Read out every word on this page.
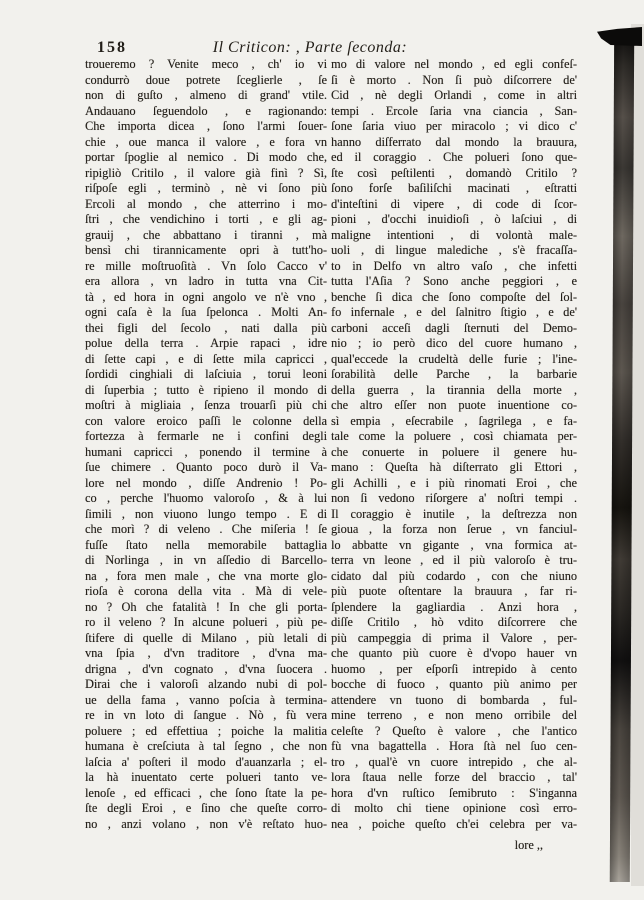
158	Il Criticon: , Parte ſeconda:
troueremo ? Venite meco , ch' io vi
condurrò doue potrete ſceglierle , ſe
non di guſto , almeno di grand' vtile.
Andauano ſeguendolo , e ragionando:
Che importa dicea , ſono l'armi ſouer-
chie , oue manca il valore , e fora vn
portar ſpoglie al nemico . Di modo che,
ripigliò Critilo , il valore già finì ? Sì,
riſpoſe egli , terminò , nè vi ſono più
Ercoli al mondo , che atterrino i mo-
ſtri , che vendichino i torti , e gli ag-
grauij , che abbattano i tiranni , mà
bensì chi tirannicamente opri à tutt'ho-
re mille moſtruoſità . Vn ſolo Cacco v'
era allora , vn ladro in tutta vna Cit-
tà , ed hora in ogni angolo ve n'è vno ,
ogni caſa è la ſua ſpelonca . Molti An-
thei figli del ſecolo , nati dalla più
polue della terra . Arpie rapaci , idre
di ſette capi , e di ſette mila capricci ,
ſordidi cinghiali di laſciuia , torui leoni
di ſuperbia ; tutto è ripieno il mondo di
moſtri à migliaia , ſenza trouarſi più chi
con valore eroico paſſi le colonne della
fortezza à fermarle ne i confini degli
humani capricci , ponendo il termine à
ſue chimere . Quanto poco durò il Va-
lore nel mondo , diſſe Andrenio ! Po-
co , perche l'huomo valoroſo , & à lui
ſimili , non viuono lungo tempo . E di
che morì ? di veleno . Che miſeria ! ſe
fuſſe ſtato nella memorabile battaglia
di Norlinga , in vn aſſedio di Barcello-
na , fora men male , che vna morte glo-
rioſa è corona della vita . Mà di vele-
no ? Oh che fatalità ! In che gli porta-
ro il veleno ? In alcune polueri , più pe-
ſtifere di quelle di Milano , più letali di
vna ſpia , d'vn traditore , d'vna ma-
drigna , d'vn cognato , d'vna ſuocera .
Dirai che i valoroſi alzando nubi di pol-
ue della fama , vanno poſcia à termina-
re in vn loto di ſangue . Nò , fù vera
poluere ; ed effettiua ; poiche la malitia
humana è creſciuta à tal ſegno , che non
laſcia a' poſteri il modo d'auanzarla ; el-
la hà inuentato certe polueri tanto ve-
lenoſe , ed efficaci , che ſono ſtate la pe-
ſte degli Eroi , e ſino che queſte corro-
no , anzi volano , non v'è reſtato huo-
mo di valore nel mondo , ed egli confeſ-
ſi è morto . Non ſi può diſcorrere de'
Cid , nè degli Orlandi , come in altri
tempi . Ercole ſaria vna ciancia , San-
ſone ſaria viuo per miracolo ; vi dico c'
hanno diſferrato dal mondo la brauura,
ed il coraggio . Che polueri ſono que-
ſte così peſtilenti , domandò Critilo ?
ſono forſe baſiliſchi macinati , eſtratti
d'inteſtini di vipere , di code di ſcor-
pioni , d'occhi inuidioſi , ò laſciui , di
maligne intentioni , di volontà male-
uoli , di lingue malediche , s'è fracaſſa-
to in Delfo vn altro vaſo , che infetti
tutta l'Aſia ? Sono anche peggiori , e
benche ſi dica che ſono compoſte del ſol-
fo infernale , e del ſalnitro ſtigio , e de'
carboni acceſi dagli ſternuti del Demo-
nio ; io però dico del cuore humano ,
qual'eccede la crudeltà delle furie ; l'ine-
ſorabilità delle Parche , la barbarie
della guerra , la tirannia della morte ,
che altro eſſer non puote inuentione co-
sì empia , eſecrabile , ſagrilega , e fa-
tale come la poluere , così chiamata per-
che conuerte in poluere il genere hu-
mano : Queſta hà diſterrato gli Ettori ,
gli Achilli , e i più rinomati Eroi , che
non ſi vedono riſorgere a' noſtri tempi .
Il coraggio è inutile , la deſtrezza non
gioua , la forza non ſerue , vn fanciul-
lo abbatte vn gigante , vna formica at-
terra vn leone , ed il più valoroſo è tru-
cidato dal più codardo , con che niuno
più puote oſtentare la brauura , far ri-
ſplendere la gagliardia . Anzi hora ,
diſſe Critilo , hò vdito diſcorrere che
più campeggia di prima il Valore , per-
che quanto più cuore è d'vopo hauer vn
huomo , per eſporſi intrepido à cento
bocche di fuoco , quanto più animo per
attendere vn tuono di bombarda , ful-
mine terreno , e non meno orribile del
celeſte ? Queſto è valore , che l'antico
fù vna bagattella . Hora ſtà nel ſuo cen-
tro , qual'è vn cuore intrepido , che al-
lora ſtaua nelle forze del braccio , tal'
hora d'vn ruſtico ſemibruto : S'inganna
di molto chi tiene opinione così erro-
nea , poiche queſto ch'ei celebra per va-
lore ,,
